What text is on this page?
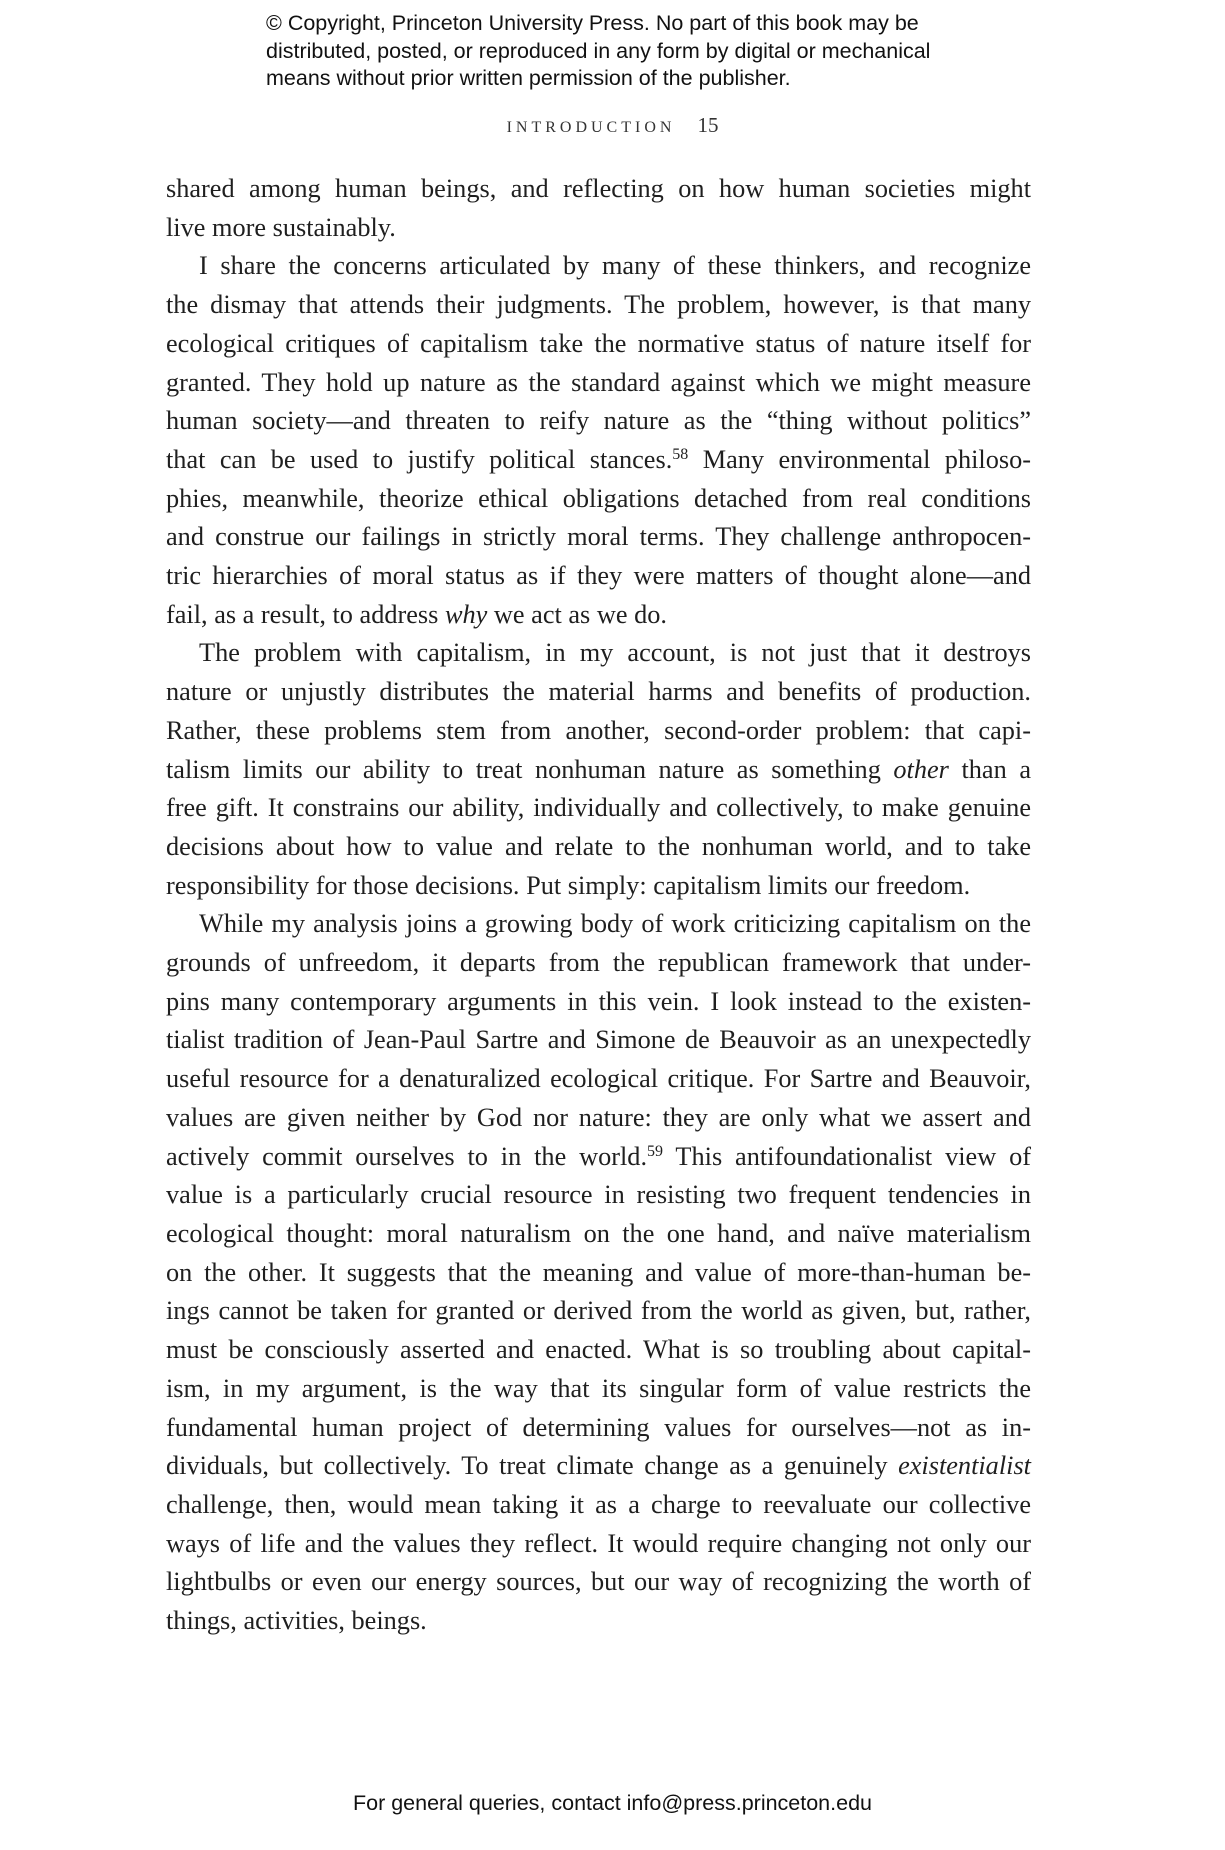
© Copyright, Princeton University Press. No part of this book may be
distributed, posted, or reproduced in any form by digital or mechanical
means without prior written permission of the publisher.
INTRODUCTION 15
shared among human beings, and reflecting on how human societies might
live more sustainably.
I share the concerns articulated by many of these thinkers, and recognize
the dismay that attends their judgments. The problem, however, is that many
ecological critiques of capitalism take the normative status of nature itself for
granted. They hold up nature as the standard against which we might measure
human society—and threaten to reify nature as the “thing without politics”
that can be used to justify political stances.$^{58}$ Many environmental philoso-
phies, meanwhile, theorize ethical obligations detached from real conditions
and construe our failings in strictly moral terms. They challenge anthropocen-
tric hierarchies of moral status as if they were matters of thought alone—and
fail, as a result, to address why we act as we do.
The problem with capitalism, in my account, is not just that it destroys
nature or unjustly distributes the material harms and benefits of production.
Rather, these problems stem from another, second-order problem: that capi-
talism limits our ability to treat nonhuman nature as something other than a
free gift. It constrains our ability, individually and collectively, to make genuine
decisions about how to value and relate to the nonhuman world, and to take
responsibility for those decisions. Put simply: capitalism limits our freedom.
While my analysis joins a growing body of work criticizing capitalism on the
grounds of unfreedom, it departs from the republican framework that under-
pins many contemporary arguments in this vein. I look instead to the existen-
tialist tradition of Jean-Paul Sartre and Simone de Beauvoir as an unexpectedly
useful resource for a denaturalized ecological critique. For Sartre and Beauvoir,
values are given neither by God nor nature: they are only what we assert and
actively commit ourselves to in the world.$^{59}$ This antifoundationalist view of
value is a particularly crucial resource in resisting two frequent tendencies in
ecological thought: moral naturalism on the one hand, and naïve materialism
on the other. It suggests that the meaning and value of more-than-human be-
ings cannot be taken for granted or derived from the world as given, but, rather,
must be consciously asserted and enacted. What is so troubling about capital-
ism, in my argument, is the way that its singular form of value restricts the
fundamental human project of determining values for ourselves—not as in-
dividuals, but collectively. To treat climate change as a genuinely existentialist
challenge, then, would mean taking it as a charge to reevaluate our collective
ways of life and the values they reflect. It would require changing not only our
lightbulbs or even our energy sources, but our way of recognizing the worth of
things, activities, beings.
For general queries, contact info@press.princeton.edu
